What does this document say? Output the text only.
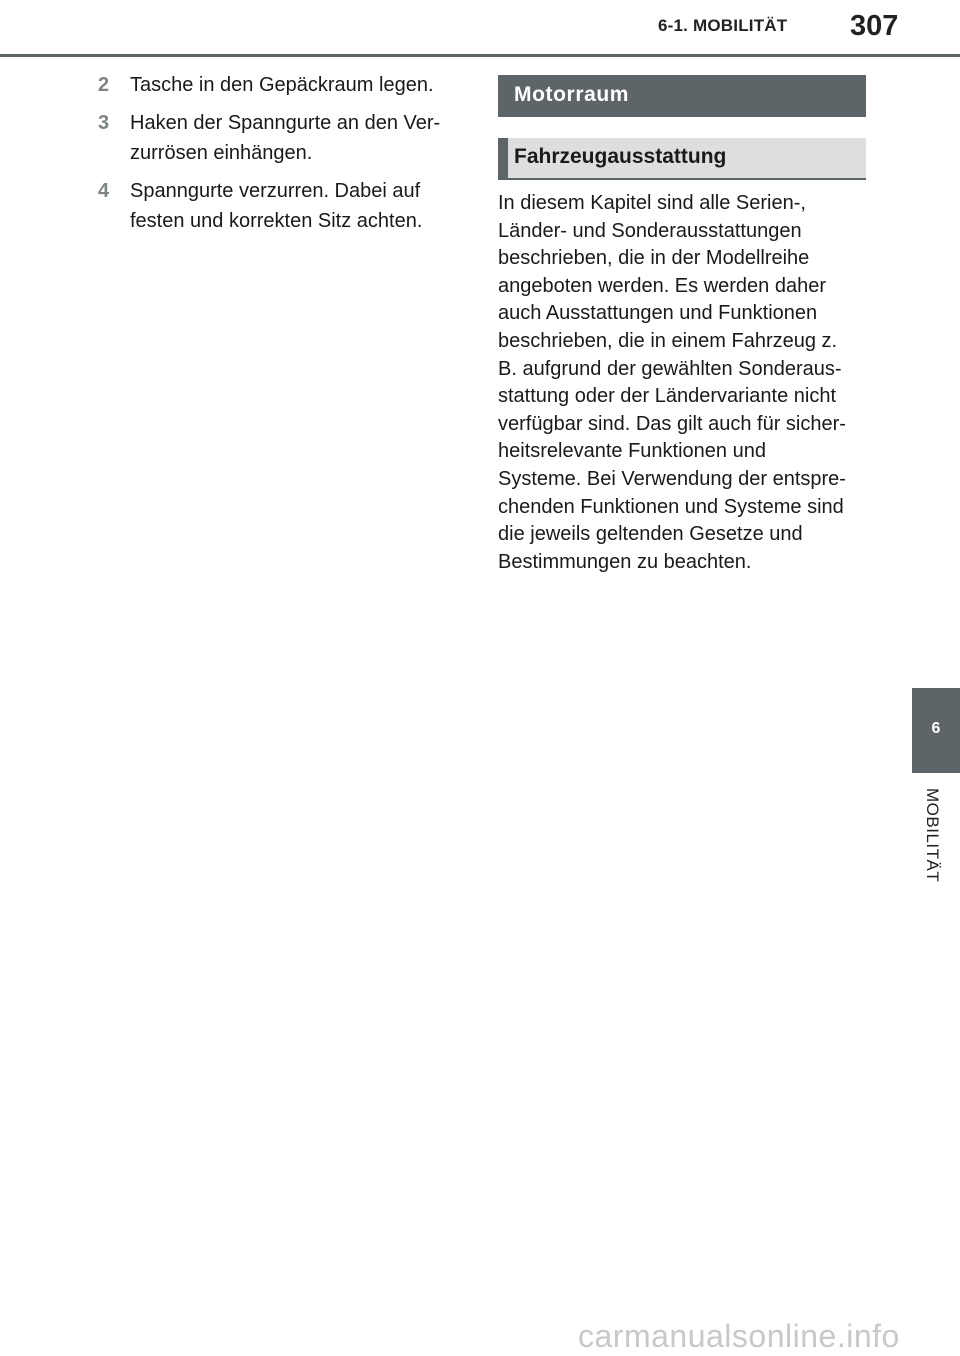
6-1. MOBILITÄT 307
2	Tasche in den Gepäckraum legen.
3	Haken der Spanngurte an den Ver-
zurrösen einhängen.
4	Spanngurte verzurren. Dabei auf
festen und korrekten Sitz achten.
Motorraum
Fahrzeugausstattung
In diesem Kapitel sind alle Serien-,
Länder- und Sonderausstattungen
beschrieben, die in der Modellreihe
angeboten werden. Es werden daher
auch Ausstattungen und Funktionen
beschrieben, die in einem Fahrzeug z.
B. aufgrund der gewählten Sonderaus-
stattung oder der Ländervariante nicht
verfügbar sind. Das gilt auch für sicher-
heitsrelevante Funktionen und
Systeme. Bei Verwendung der entspre-
chenden Funktionen und Systeme sind
die jeweils geltenden Gesetze und
Bestimmungen zu beachten.
6
MOBILITÄT
carmanualsonline.info
